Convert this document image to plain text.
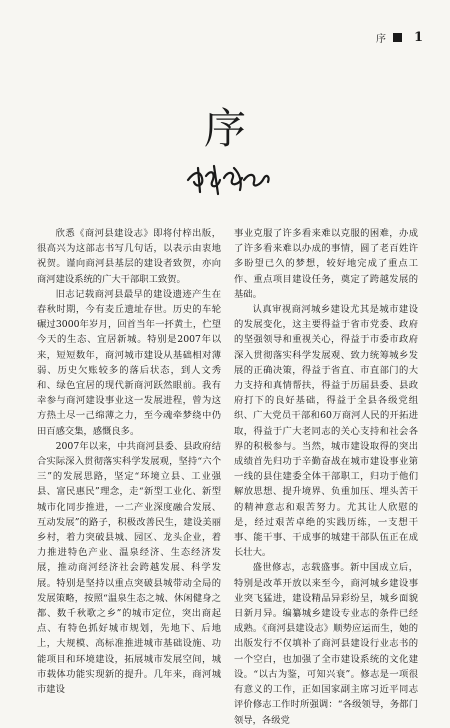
序 1
序

欣悉《商河县建设志》即将付梓出版，很高兴为这部志书写几句话，以表示由衷地祝贺。谨向商河县基层的建设者致贺，亦向商河建设系统的广大干部职工致贺。

旧志记载商河县最早的建设遗迹产生在春秋时期，今有麦丘遗址存世。历史的车轮碾过3000年岁月，回首当年一抔黄土，伫望今天的生态、宜居新城。特别是2007年以来，短短数年，商河城市建设从基础相对薄弱、历史欠账较多的落后状态，到人文秀和、绿色宜居的现代新商河跃然眼前。我有幸参与商河建设事业这一发展进程，曾为这方热土尽一己绵薄之力，至今魂牵梦绕中仍田百感交集，感慨良多。

2007年以来，中共商河县委、县政府结合实际深入贯彻落实科学发展观，坚持“六个三”的发展思路，坚定“环境立县、工业强县、富民惠民”理念，走“新型工业化、新型城市化同步推进，一二产业深度融合发展、互动发展”的路子，积极改善民生，建设美丽乡村，着力突破县城、园区、龙头企业，着力推进特色产业、温泉经济、生态经济发展，推动商河经济社会跨越发展、科学发展。特别是坚持以重点突破县城带动全局的发展策略，按照“温泉生态之城、休闲健身之都、数千秋歌之乡”的城市定位，突出商起点、有特色抓好城市规划，先地下、后地上，大规模、高标准推进城市基础设施、功能项目和环境建设，拓展城市发展空间，城市载体功能实现新的提升。几年来，商河城市建设

事业克服了许多看来难以克服的困难，办成了许多看来难以办成的事情，圆了老百姓许多盼望已久的梦想，较好地完成了重点工作、重点项目建设任务，奠定了跨越发展的基础。

认真审视商河城乡建设尤其是城市建设的发展变化，这主要得益于省市党委、政府的坚强领导和重视关心，得益于市委市政府深入贯彻落实科学发展观、致力统筹城乡发展的正确决策，得益于省直、市直部门的大力支持和真情帮扶，得益于历届县委、县政府打下的良好基础，得益于全县各级党组织、广大党员干部和60万商河人民的开拓进取，得益于广大老同志的关心支持和社会各界的积极参与。当然，城市建设取得的突出成绩首先归功于辛勤奋战在城市建设事业第一线的县住建委全体干部职工，归功于他们解放思想、提升境界、负重加压、埋头苦干的精神意志和艰苦努力。尤其让人欣慰的是，经过艰苦卓绝的实践历练，一支想干事、能干事、干成事的城建干部队伍正在成长壮大。

盛世修志，志载盛事。新中国成立后，特别是改革开放以来至今，商河城乡建设事业突飞猛进，建设精品异彩纷呈，城乡面貌日新月异。编纂城乡建设专业志的条件已经成熟。《商河县建设志》顺势应运而生，她的出版发行不仅填补了商河县建设行业志书的一个空白，也加强了全市建设系统的文化建设。“以古为鉴，可知兴衰”。修志是一项很有意义的工作，正如国家副主席习近平同志评价修志工作时所强调：“各级领导，务都门领导，各级党
